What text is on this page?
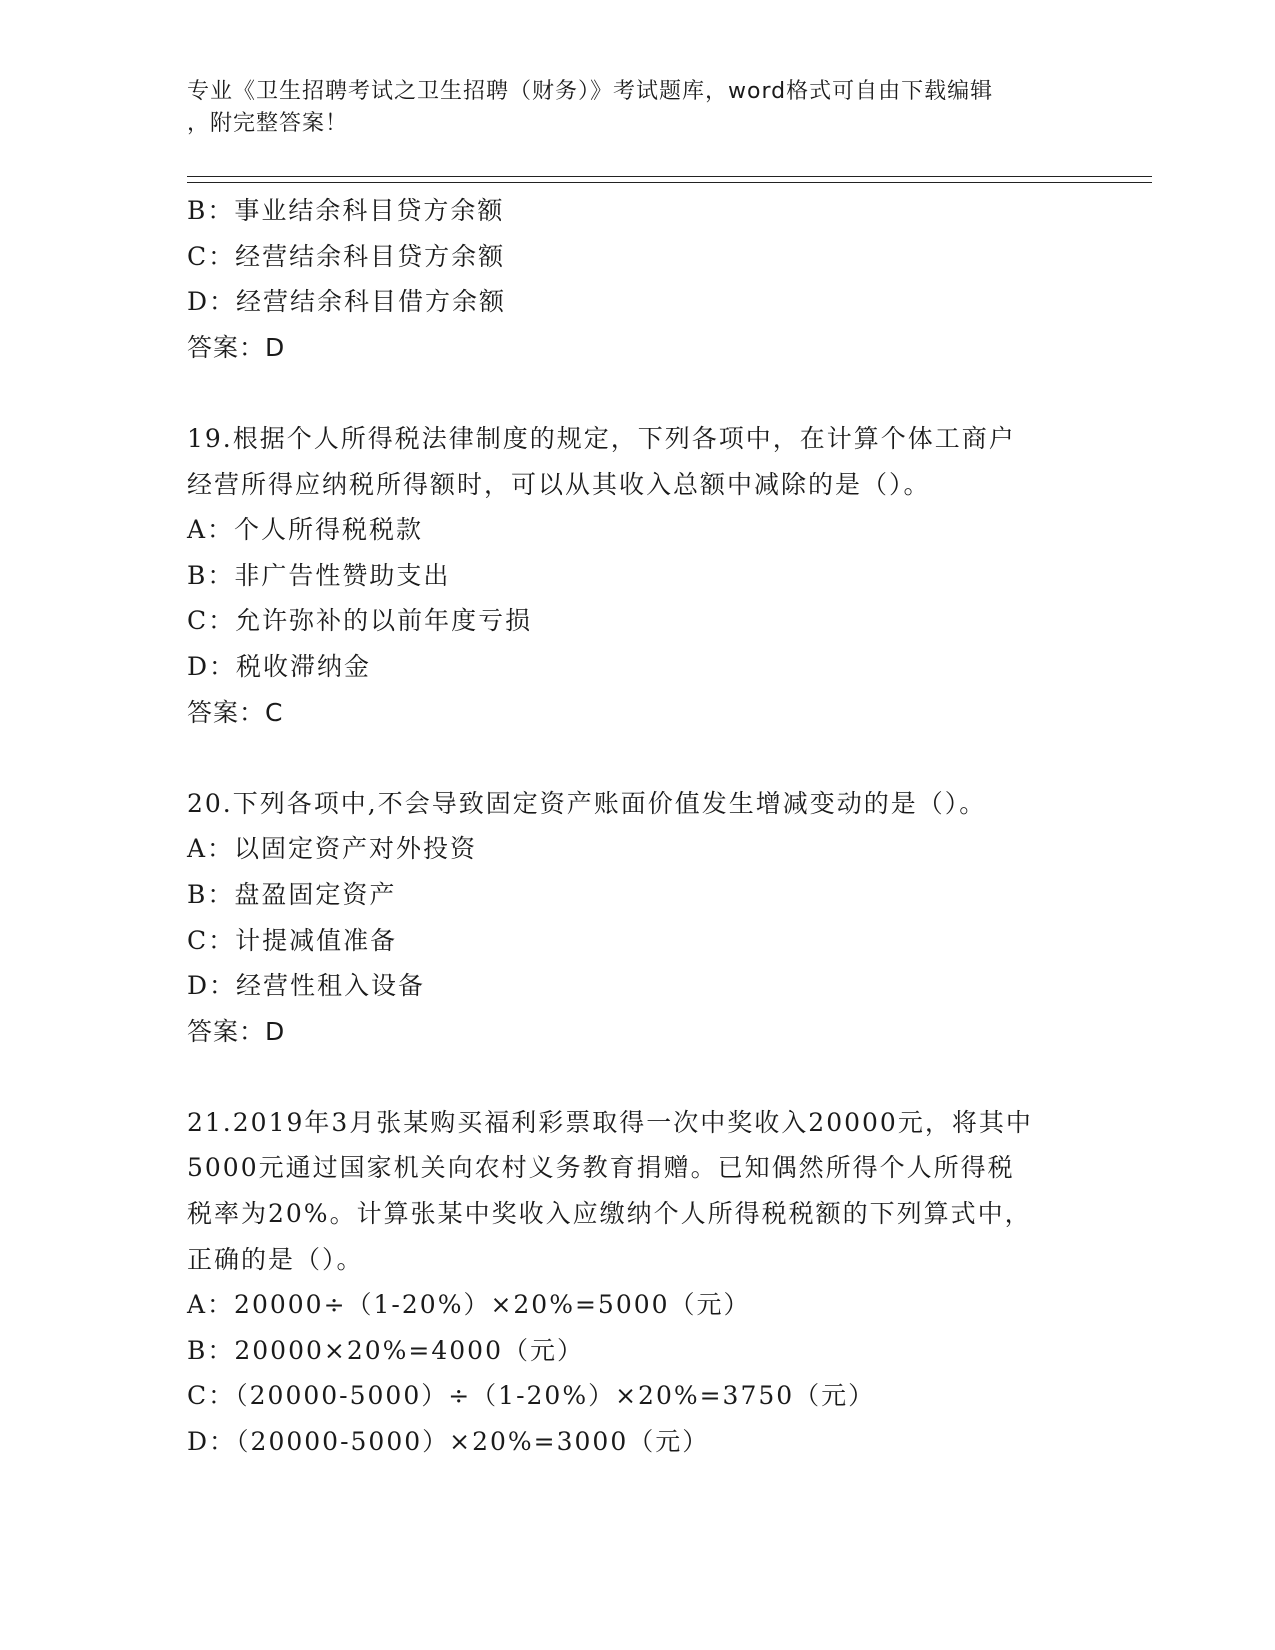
专业《卫生招聘考试之卫生招聘（财务）》考试题库，word格式可自由下载编辑
，附完整答案！
B：事业结余科目贷方余额
C：经营结余科目贷方余额
D：经营结余科目借方余额
答案：D
19.根据个人所得税法律制度的规定，下列各项中，在计算个体工商户
经营所得应纳税所得额时，可以从其收入总额中减除的是（）。
A：个人所得税税款
B：非广告性赞助支出
C：允许弥补的以前年度亏损
D：税收滞纳金
答案：C
20.下列各项中,不会导致固定资产账面价值发生增减变动的是（）。
A：以固定资产对外投资
B：盘盈固定资产
C：计提减值准备
D：经营性租入设备
答案：D
21.2019年3月张某购买福利彩票取得一次中奖收入20000元，将其中
5000元通过国家机关向农村义务教育捐赠。已知偶然所得个人所得税
税率为20%。计算张某中奖收入应缴纳个人所得税税额的下列算式中，
正确的是（）。
A：20000÷（1-20%）×20%=5000（元）
B：20000×20%=4000（元）
C：（20000-5000）÷（1-20%）×20%=3750（元）
D：（20000-5000）×20%=3000（元）
